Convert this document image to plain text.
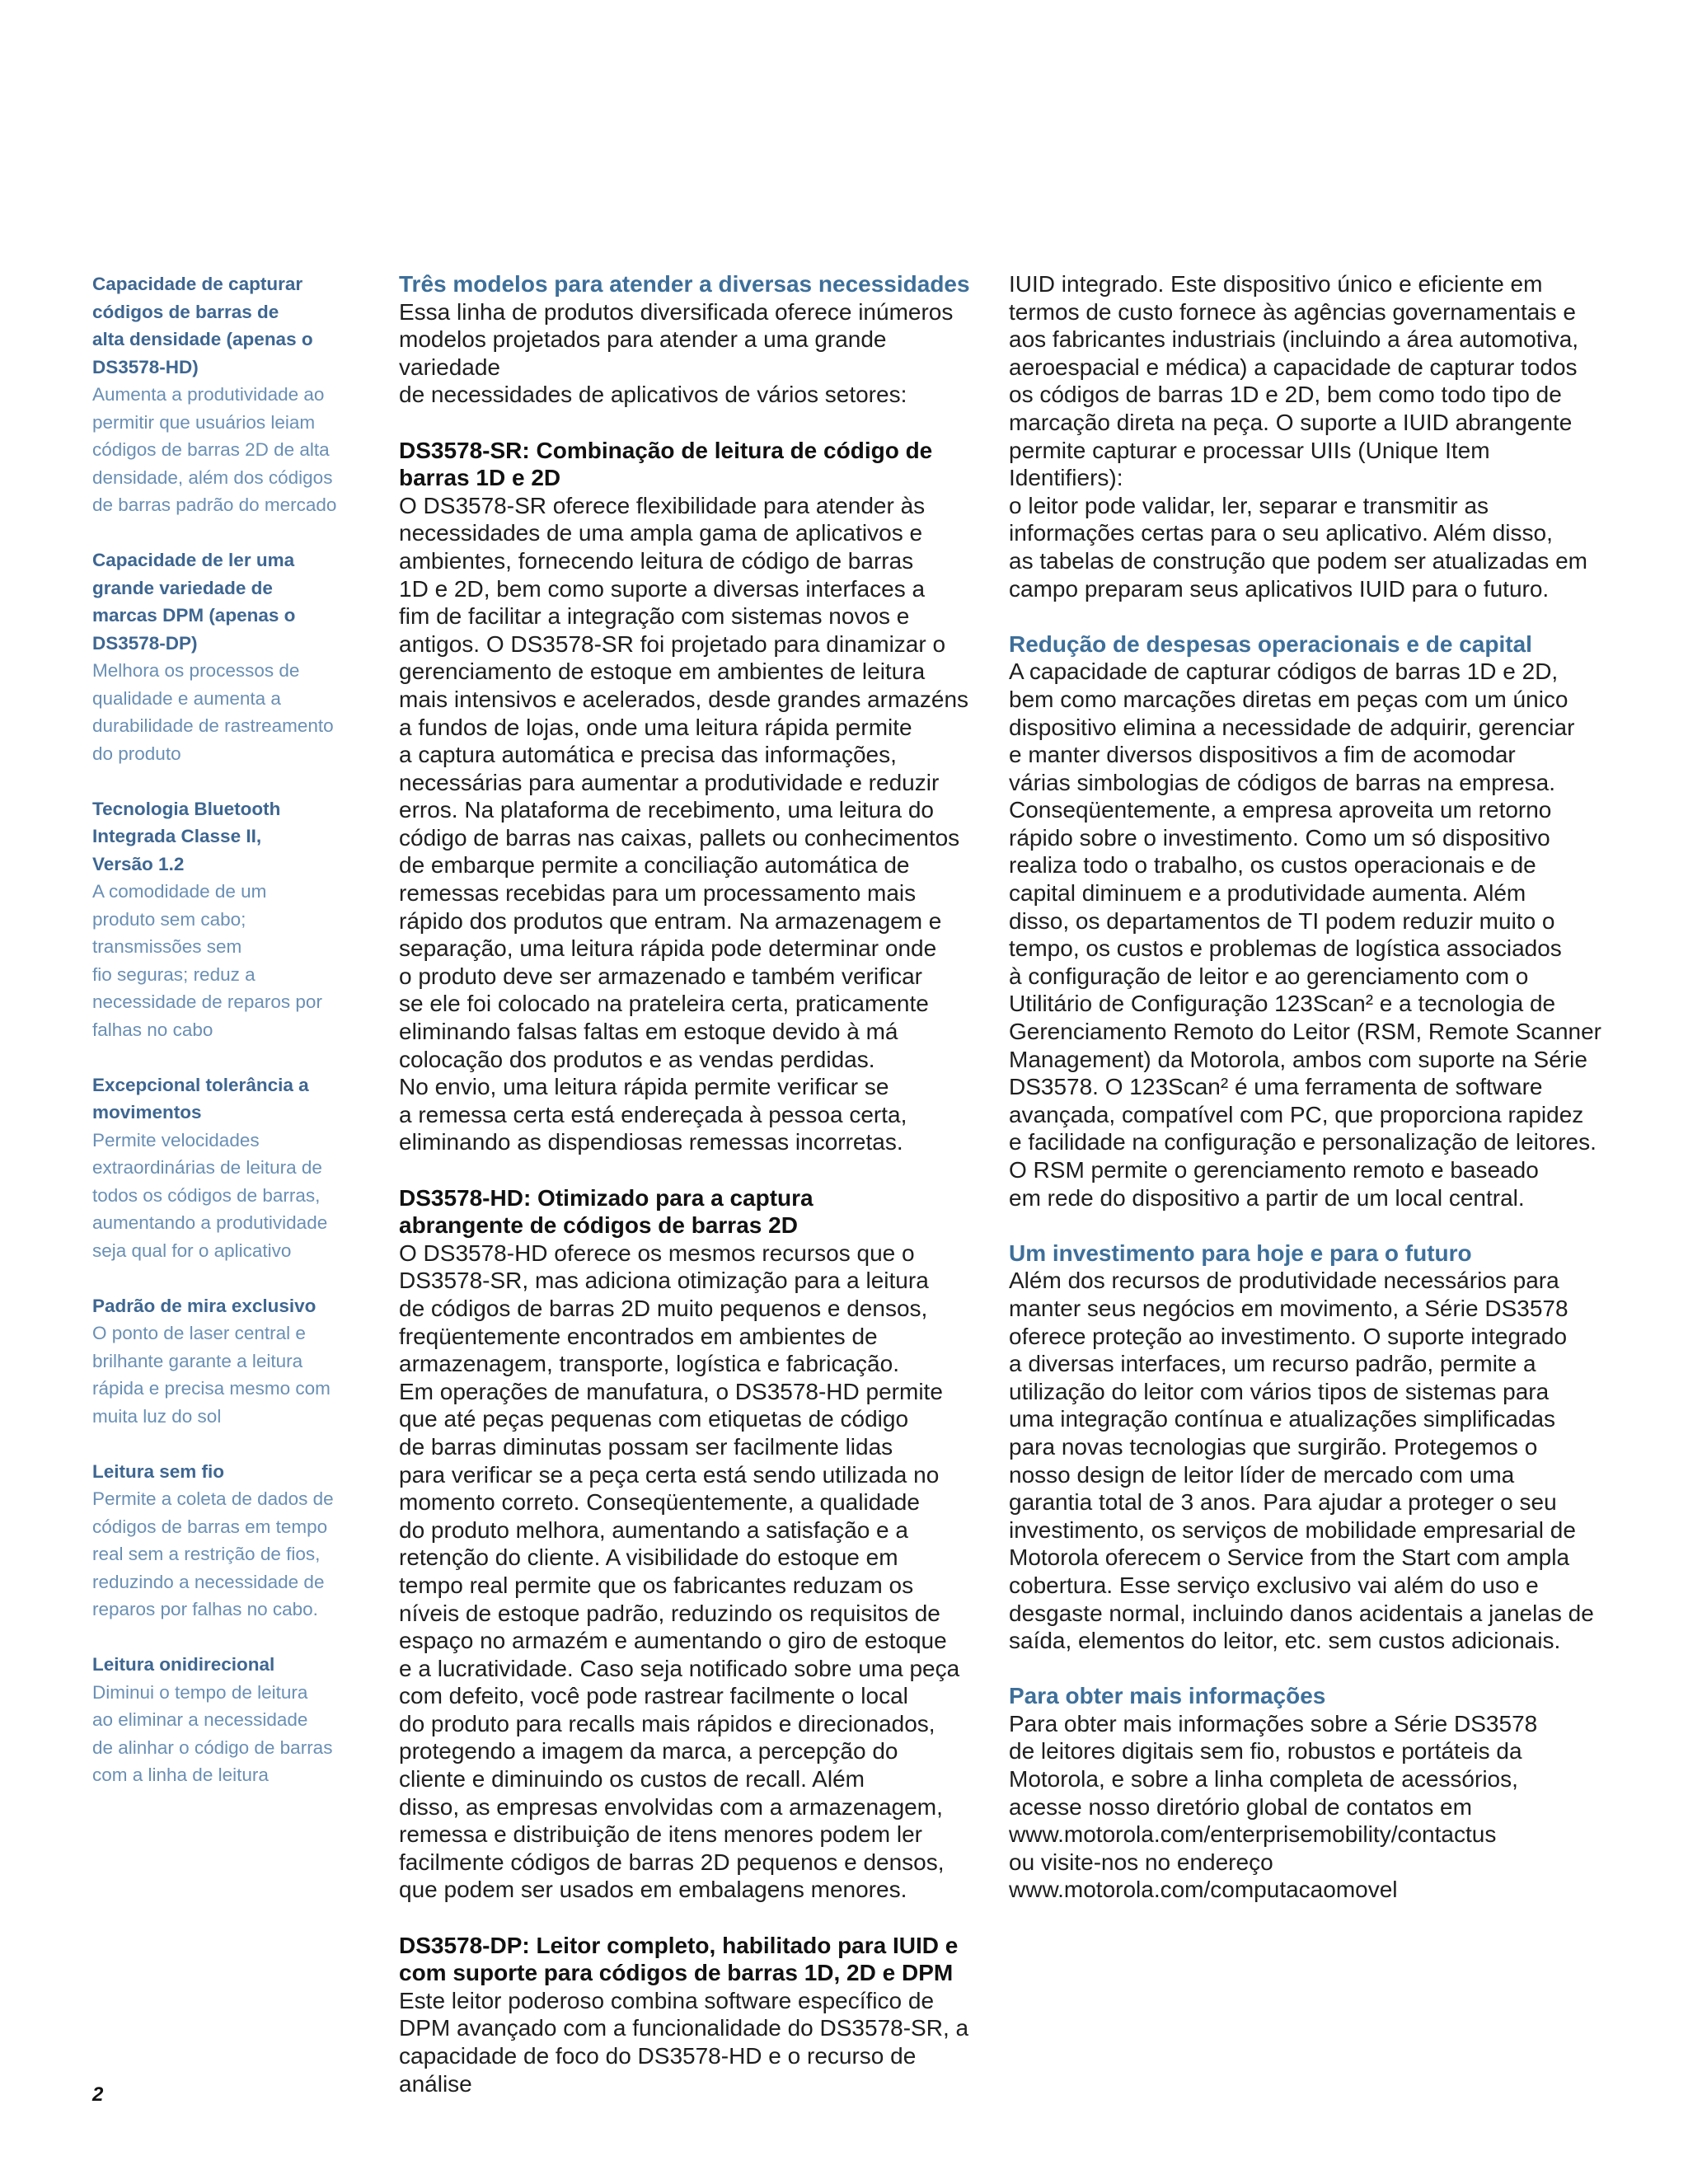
Capacidade de capturar
códigos de barras de
alta densidade (apenas o
DS3578-HD)
Aumenta a produtividade ao
permitir que usuários leiam
códigos de barras 2D de alta
densidade, além dos códigos
de barras padrão do mercado
Capacidade de ler uma
grande variedade de
marcas DPM (apenas o
DS3578-DP)
Melhora os processos de
qualidade e aumenta a
durabilidade de rastreamento
do produto
Tecnologia Bluetooth
Integrada Classe II,
Versão 1.2
A comodidade de um
produto sem cabo;
transmissões sem
fio seguras; reduz a
necessidade de reparos por
falhas no cabo
Excepcional tolerância a
movimentos
Permite velocidades
extraordinárias de leitura de
todos os códigos de barras,
aumentando a produtividade
seja qual for o aplicativo
Padrão de mira exclusivo
O ponto de laser central e
brilhante garante a leitura
rápida e precisa mesmo com
muita luz do sol
Leitura sem fio
Permite a coleta de dados de
códigos de barras em tempo
real sem a restrição de fios,
reduzindo a necessidade de
reparos por falhas no cabo.
Leitura onidirecional
Diminui o tempo de leitura
ao eliminar a necessidade
de alinhar o código de barras
com a linha de leitura
Três modelos para atender a diversas necessidades

Essa linha de produtos diversificada oferece inúmeros

modelos projetados para atender a uma grande variedade

de necessidades de aplicativos de vários setores:

DS3578-SR: Combinação de leitura de código de
barras 1D e 2D

O DS3578-SR oferece flexibilidade para atender às

necessidades de uma ampla gama de aplicativos e

ambientes, fornecendo leitura de código de barras

1D e 2D, bem como suporte a diversas interfaces a

fim de facilitar a integração com sistemas novos e

antigos. O DS3578-SR foi projetado para dinamizar o

gerenciamento de estoque em ambientes de leitura

mais intensivos e acelerados, desde grandes armazéns

a fundos de lojas, onde uma leitura rápida permite

a captura automática e precisa das informações,

necessárias para aumentar a produtividade e reduzir

erros. Na plataforma de recebimento, uma leitura do

código de barras nas caixas, pallets ou conhecimentos

de embarque permite a conciliação automática de

remessas recebidas para um processamento mais

rápido dos produtos que entram. Na armazenagem e

separação, uma leitura rápida pode determinar onde

o produto deve ser armazenado e também verificar

se ele foi colocado na prateleira certa, praticamente

eliminando falsas faltas em estoque devido à má

colocação dos produtos e as vendas perdidas.

No envio, uma leitura rápida permite verificar se

a remessa certa está endereçada à pessoa certa,

eliminando as dispendiosas remessas incorretas.

DS3578-HD: Otimizado para a captura
abrangente de códigos de barras 2D

O DS3578-HD oferece os mesmos recursos que o

DS3578-SR, mas adiciona otimização para a leitura

de códigos de barras 2D muito pequenos e densos,

freqüentemente encontrados em ambientes de

armazenagem, transporte, logística e fabricação.

Em operações de manufatura, o DS3578-HD permite

que até peças pequenas com etiquetas de código

de barras diminutas possam ser facilmente lidas

para verificar se a peça certa está sendo utilizada no

momento correto. Conseqüentemente, a qualidade

do produto melhora, aumentando a satisfação e a

retenção do cliente. A visibilidade do estoque em

tempo real permite que os fabricantes reduzam os

níveis de estoque padrão, reduzindo os requisitos de

espaço no armazém e aumentando o giro de estoque

e a lucratividade. Caso seja notificado sobre uma peça

com defeito, você pode rastrear facilmente o local

do produto para recalls mais rápidos e direcionados,

protegendo a imagem da marca, a percepção do

cliente e diminuindo os custos de recall. Além

disso, as empresas envolvidas com a armazenagem,

remessa e distribuição de itens menores podem ler

facilmente códigos de barras 2D pequenos e densos,

que podem ser usados em embalagens menores.

DS3578-DP: Leitor completo, habilitado para IUID e
com suporte para códigos de barras 1D, 2D e DPM

Este leitor poderoso combina software específico de

DPM avançado com a funcionalidade do DS3578-SR, a

capacidade de foco do DS3578-HD e o recurso de análise

IUID integrado. Este dispositivo único e eficiente em

termos de custo fornece às agências governamentais e

aos fabricantes industriais (incluindo a área automotiva,

aeroespacial e médica) a capacidade de capturar todos

os códigos de barras 1D e 2D, bem como todo tipo de

marcação direta na peça. O suporte a IUID abrangente

permite capturar e processar UIIs (Unique Item Identifiers):

o leitor pode validar, ler, separar e transmitir as

informações certas para o seu aplicativo. Além disso,

as tabelas de construção que podem ser atualizadas em

campo preparam seus aplicativos IUID para o futuro.

Redução de despesas operacionais e de capital

A capacidade de capturar códigos de barras 1D e 2D,

bem como marcações diretas em peças com um único

dispositivo elimina a necessidade de adquirir, gerenciar

e manter diversos dispositivos a fim de acomodar

várias simbologias de códigos de barras na empresa.

Conseqüentemente, a empresa aproveita um retorno

rápido sobre o investimento. Como um só dispositivo

realiza todo o trabalho, os custos operacionais e de

capital diminuem e a produtividade aumenta. Além

disso, os departamentos de TI podem reduzir muito o

tempo, os custos e problemas de logística associados

à configuração de leitor e ao gerenciamento com o

Utilitário de Configuração 123Scan² e a tecnologia de

Gerenciamento Remoto do Leitor (RSM, Remote Scanner

Management) da Motorola, ambos com suporte na Série

DS3578. O 123Scan² é uma ferramenta de software

avançada, compatível com PC, que proporciona rapidez

e facilidade na configuração e personalização de leitores.

O RSM permite o gerenciamento remoto e baseado

em rede do dispositivo a partir de um local central.

Um investimento para hoje e para o futuro

Além dos recursos de produtividade necessários para

manter seus negócios em movimento, a Série DS3578

oferece proteção ao investimento. O suporte integrado

a diversas interfaces, um recurso padrão, permite a

utilização do leitor com vários tipos de sistemas para

uma integração contínua e atualizações simplificadas

para novas tecnologias que surgirão. Protegemos o

nosso design de leitor líder de mercado com uma

garantia total de 3 anos. Para ajudar a proteger o seu

investimento, os serviços de mobilidade empresarial de

Motorola oferecem o Service from the Start com ampla

cobertura. Esse serviço exclusivo vai além do uso e

desgaste normal, incluindo danos acidentais a janelas de

saída, elementos do leitor, etc. sem custos adicionais.

Para obter mais informações

Para obter mais informações sobre a Série DS3578

de leitores digitais sem fio, robustos e portáteis da

Motorola, e sobre a linha completa de acessórios,

acesse nosso diretório global de contatos em

www.motorola.com/enterprisemobility/contactus

ou visite-nos no endereço

www.motorola.com/computacaomovel

2
